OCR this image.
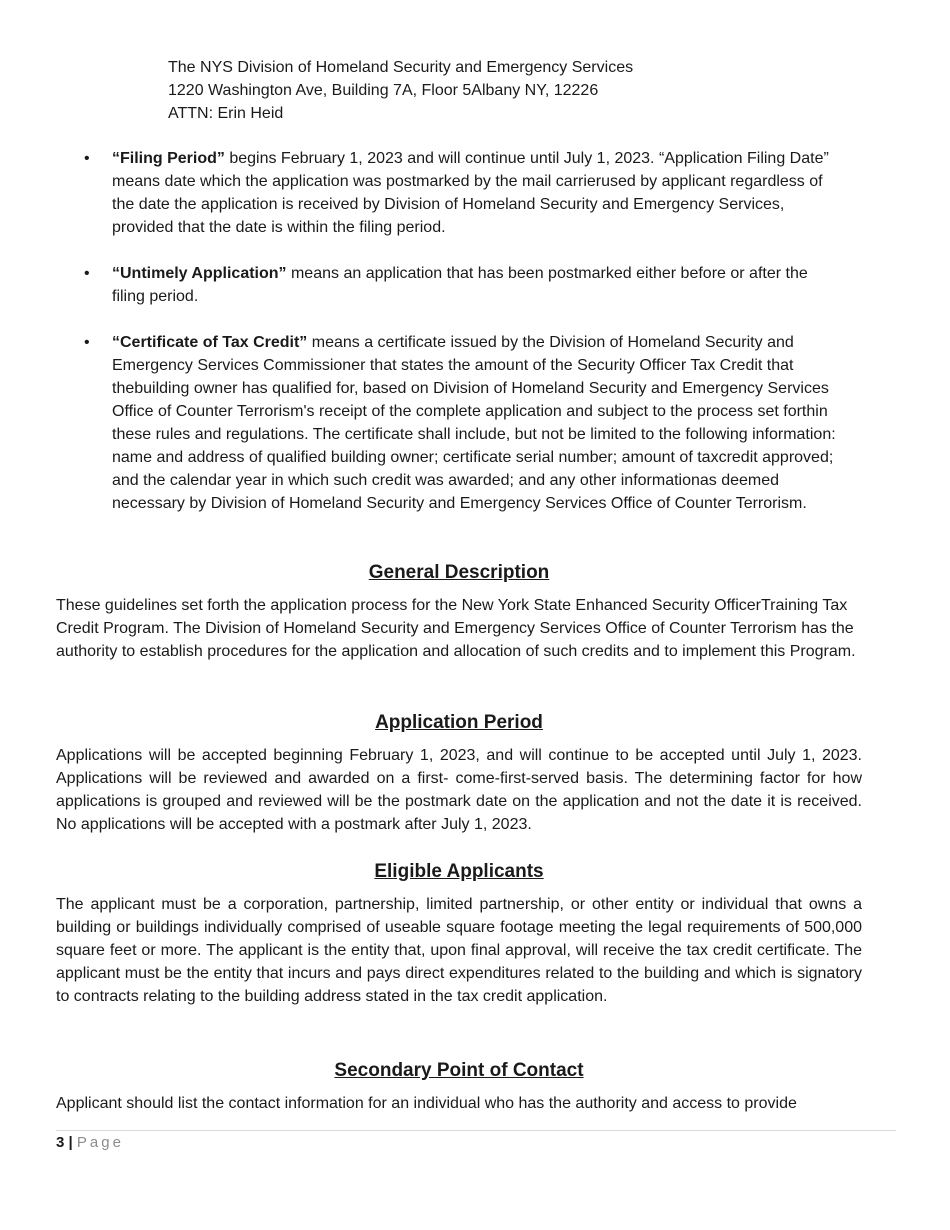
The NYS Division of Homeland Security and Emergency Services
1220 Washington Ave, Building 7A, Floor 5Albany NY, 12226
ATTN: Erin Heid
• “Filing Period” begins February 1, 2023 and will continue until July 1, 2023. “Application Filing Date” means date which the application was postmarked by the mail carrierused by applicant regardless of the date the application is received by Division of Homeland Security and Emergency Services, provided that the date is within the filing period.
• “Untimely Application” means an application that has been postmarked either before or after the filing period.
• “Certificate of Tax Credit” means a certificate issued by the Division of Homeland Security and Emergency Services Commissioner that states the amount of the Security Officer Tax Credit that thebuilding owner has qualified for, based on Division of Homeland Security and Emergency Services Office of Counter Terrorism's receipt of the complete application and subject to the process set forthin these rules and regulations. The certificate shall include, but not be limited to the following information: name and address of qualified building owner; certificate serial number; amount of taxcredit approved; and the calendar year in which such credit was awarded; and any other informationas deemed necessary by Division of Homeland Security and Emergency Services Office of Counter Terrorism.
General Description

These guidelines set forth the application process for the New York State Enhanced Security OfficerTraining Tax Credit Program. The Division of Homeland Security and Emergency Services Office of Counter Terrorism has the authority to establish procedures for the application and allocation of such credits and to implement this Program.

Application Period

Applications will be accepted beginning February 1, 2023, and will continue to be accepted until July 1, 2023. Applications will be reviewed and awarded on a first- come-first-served basis. The determining factor for how applications is grouped and reviewed will be the postmark date on the application and not the date it is received. No applications will be accepted with a postmark after July 1, 2023.

Eligible Applicants

The applicant must be a corporation, partnership, limited partnership, or other entity or individual that owns a building or buildings individually comprised of useable square footage meeting the legal requirements of 500,000 square feet or more. The applicant is the entity that, upon final approval, will receive the tax credit certificate. The applicant must be the entity that incurs and pays direct expenditures related to the building and which is signatory to contracts relating to the building address stated in the tax credit application.

Secondary Point of Contact

Applicant should list the contact information for an individual who has the authority and access to provide

3 | Page
